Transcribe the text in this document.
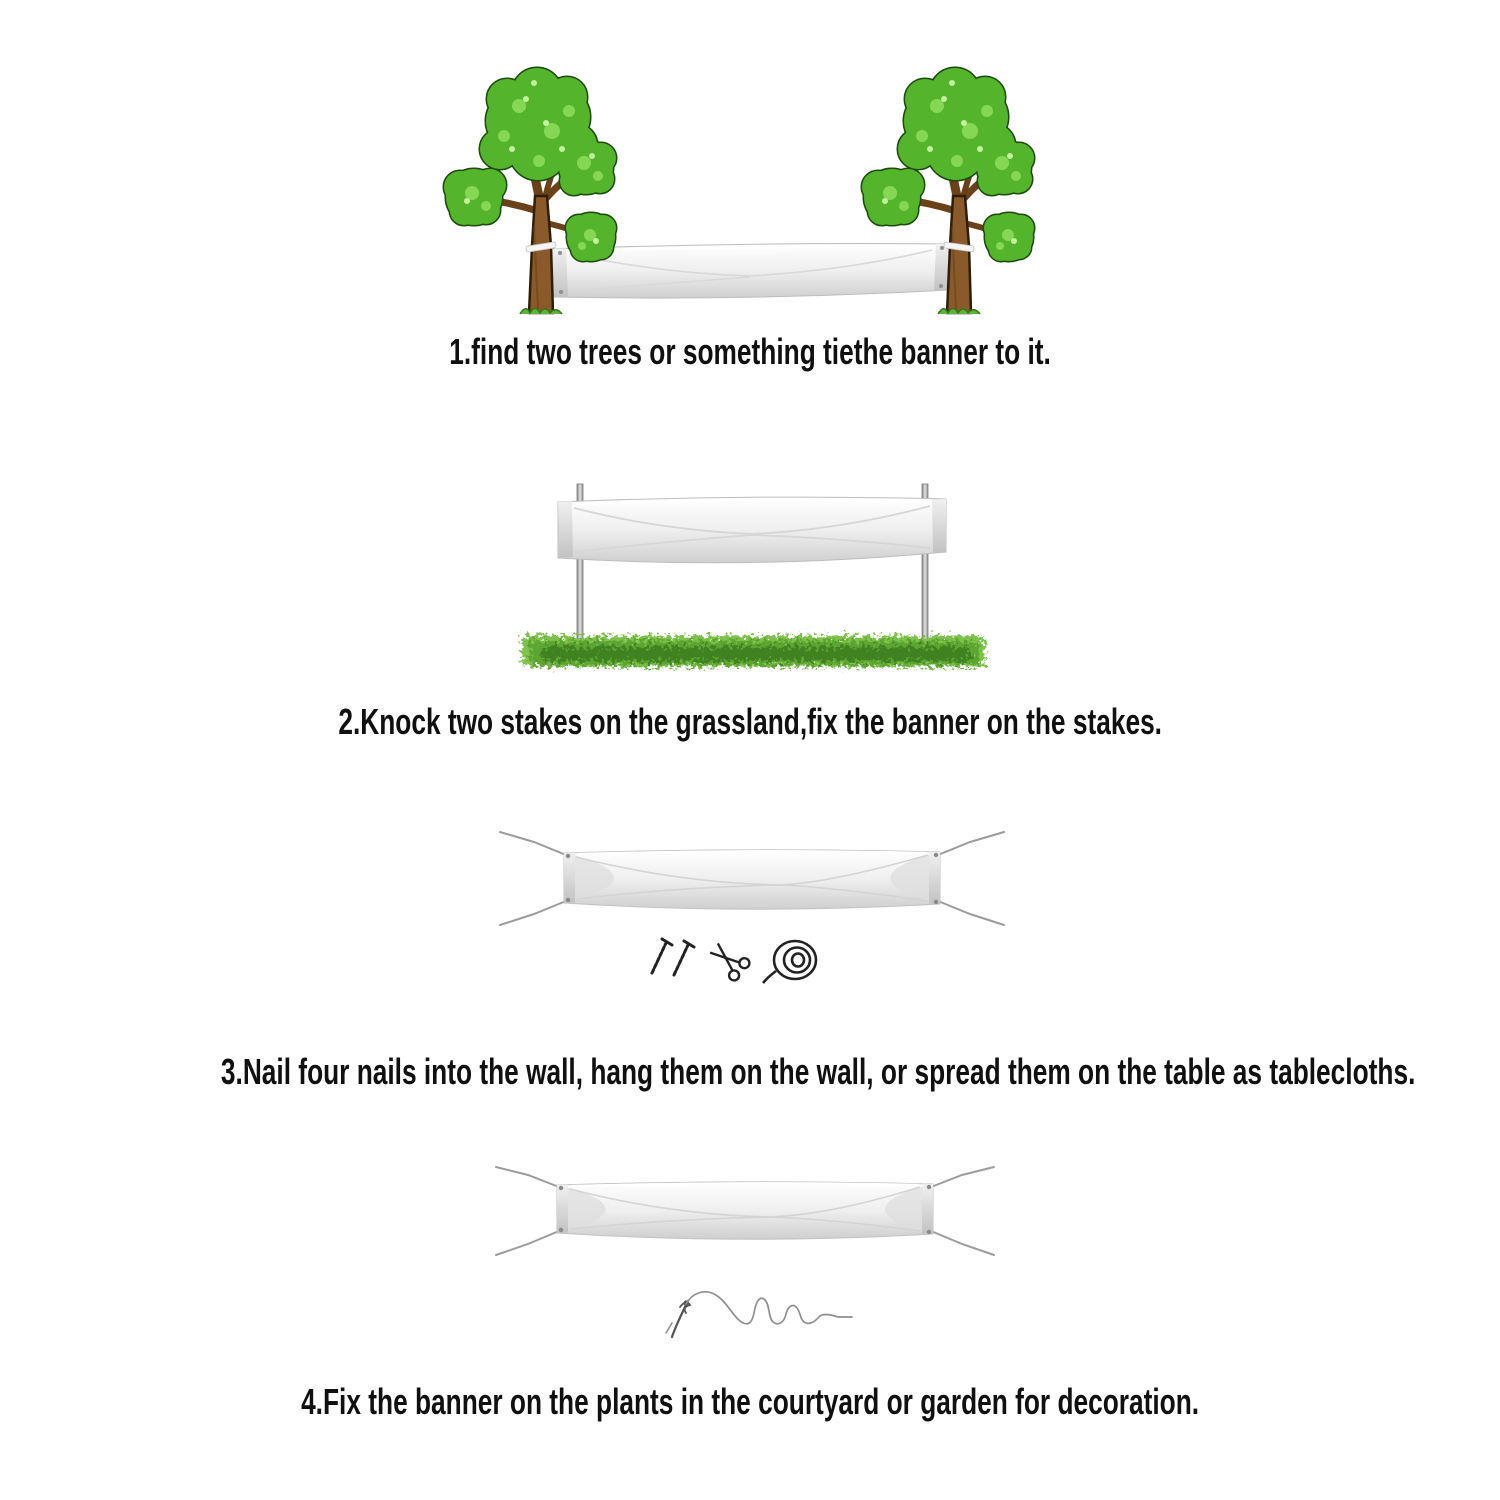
1.find two trees or something tiethe banner to it.
2.Knock two stakes on the grassland,fix the banner on the stakes.
3.Nail four nails into the wall, hang them on the wall, or spread them on the table as tablecloths.
4.Fix the banner on the plants in the courtyard or garden for decoration.
